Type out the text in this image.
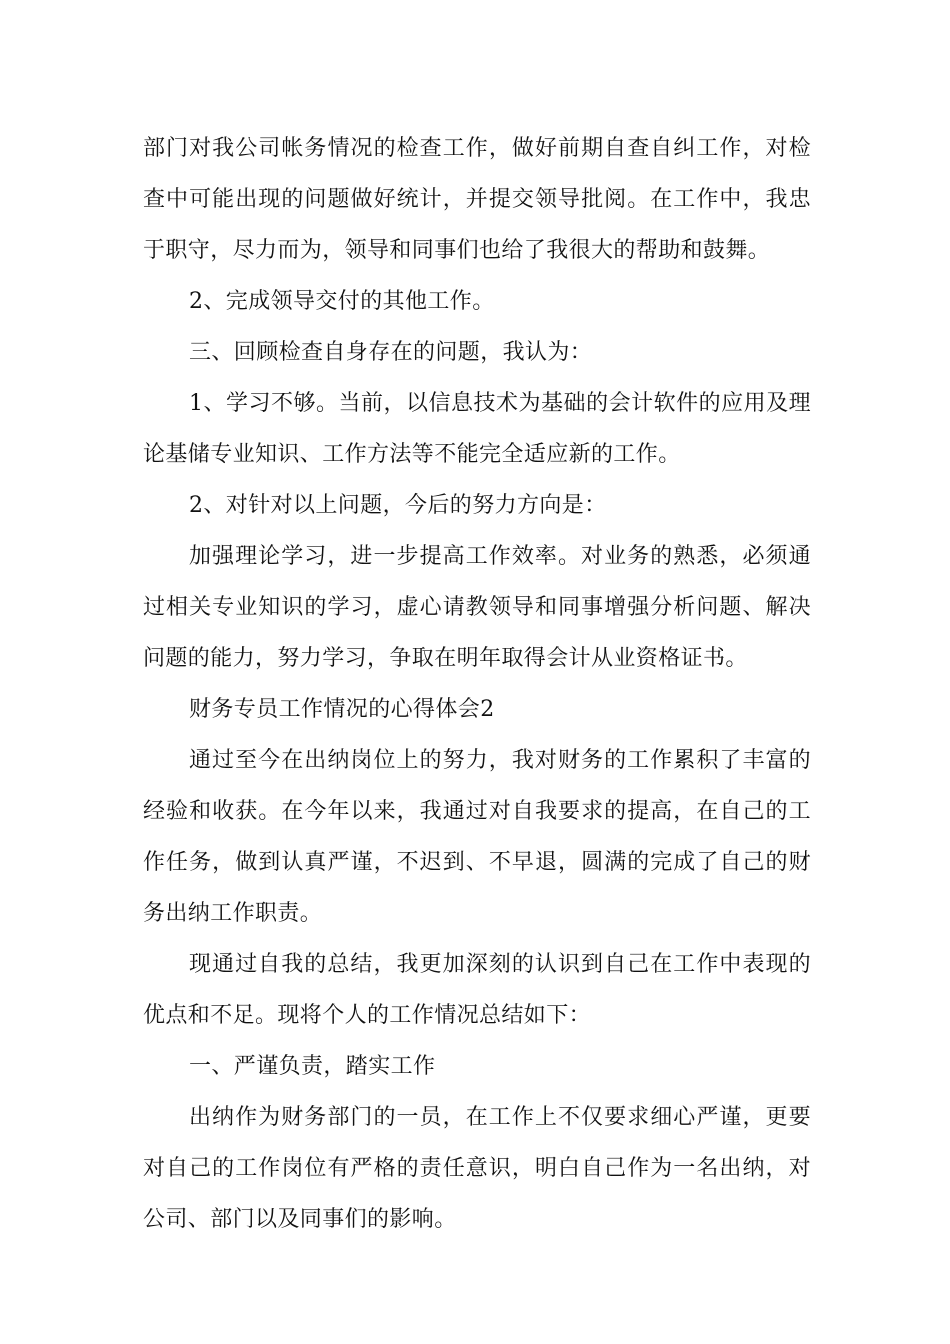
部门对我公司帐务情况的检查工作，做好前期自查自纠工作，对检查中可能出现的问题做好统计，并提交领导批阅。在工作中，我忠于职守，尽力而为，领导和同事们也给了我很大的帮助和鼓舞。

2、完成领导交付的其他工作。

三、回顾检查自身存在的问题，我认为：

1、学习不够。当前，以信息技术为基础的会计软件的应用及理论基储专业知识、工作方法等不能完全适应新的工作。

2、对针对以上问题，今后的努力方向是：

加强理论学习，进一步提高工作效率。对业务的熟悉，必须通过相关专业知识的学习，虚心请教领导和同事增强分析问题、解决问题的能力，努力学习，争取在明年取得会计从业资格证书。

财务专员工作情况的心得体会2

通过至今在出纳岗位上的努力，我对财务的工作累积了丰富的经验和收获。在今年以来，我通过对自我要求的提高，在自己的工作任务，做到认真严谨，不迟到、不早退，圆满的完成了自己的财务出纳工作职责。

现通过自我的总结，我更加深刻的认识到自己在工作中表现的优点和不足。现将个人的工作情况总结如下：

一、严谨负责，踏实工作

出纳作为财务部门的一员，在工作上不仅要求细心严谨，更要对自己的工作岗位有严格的责任意识，明白自己作为一名出纳，对公司、部门以及同事们的影响。
